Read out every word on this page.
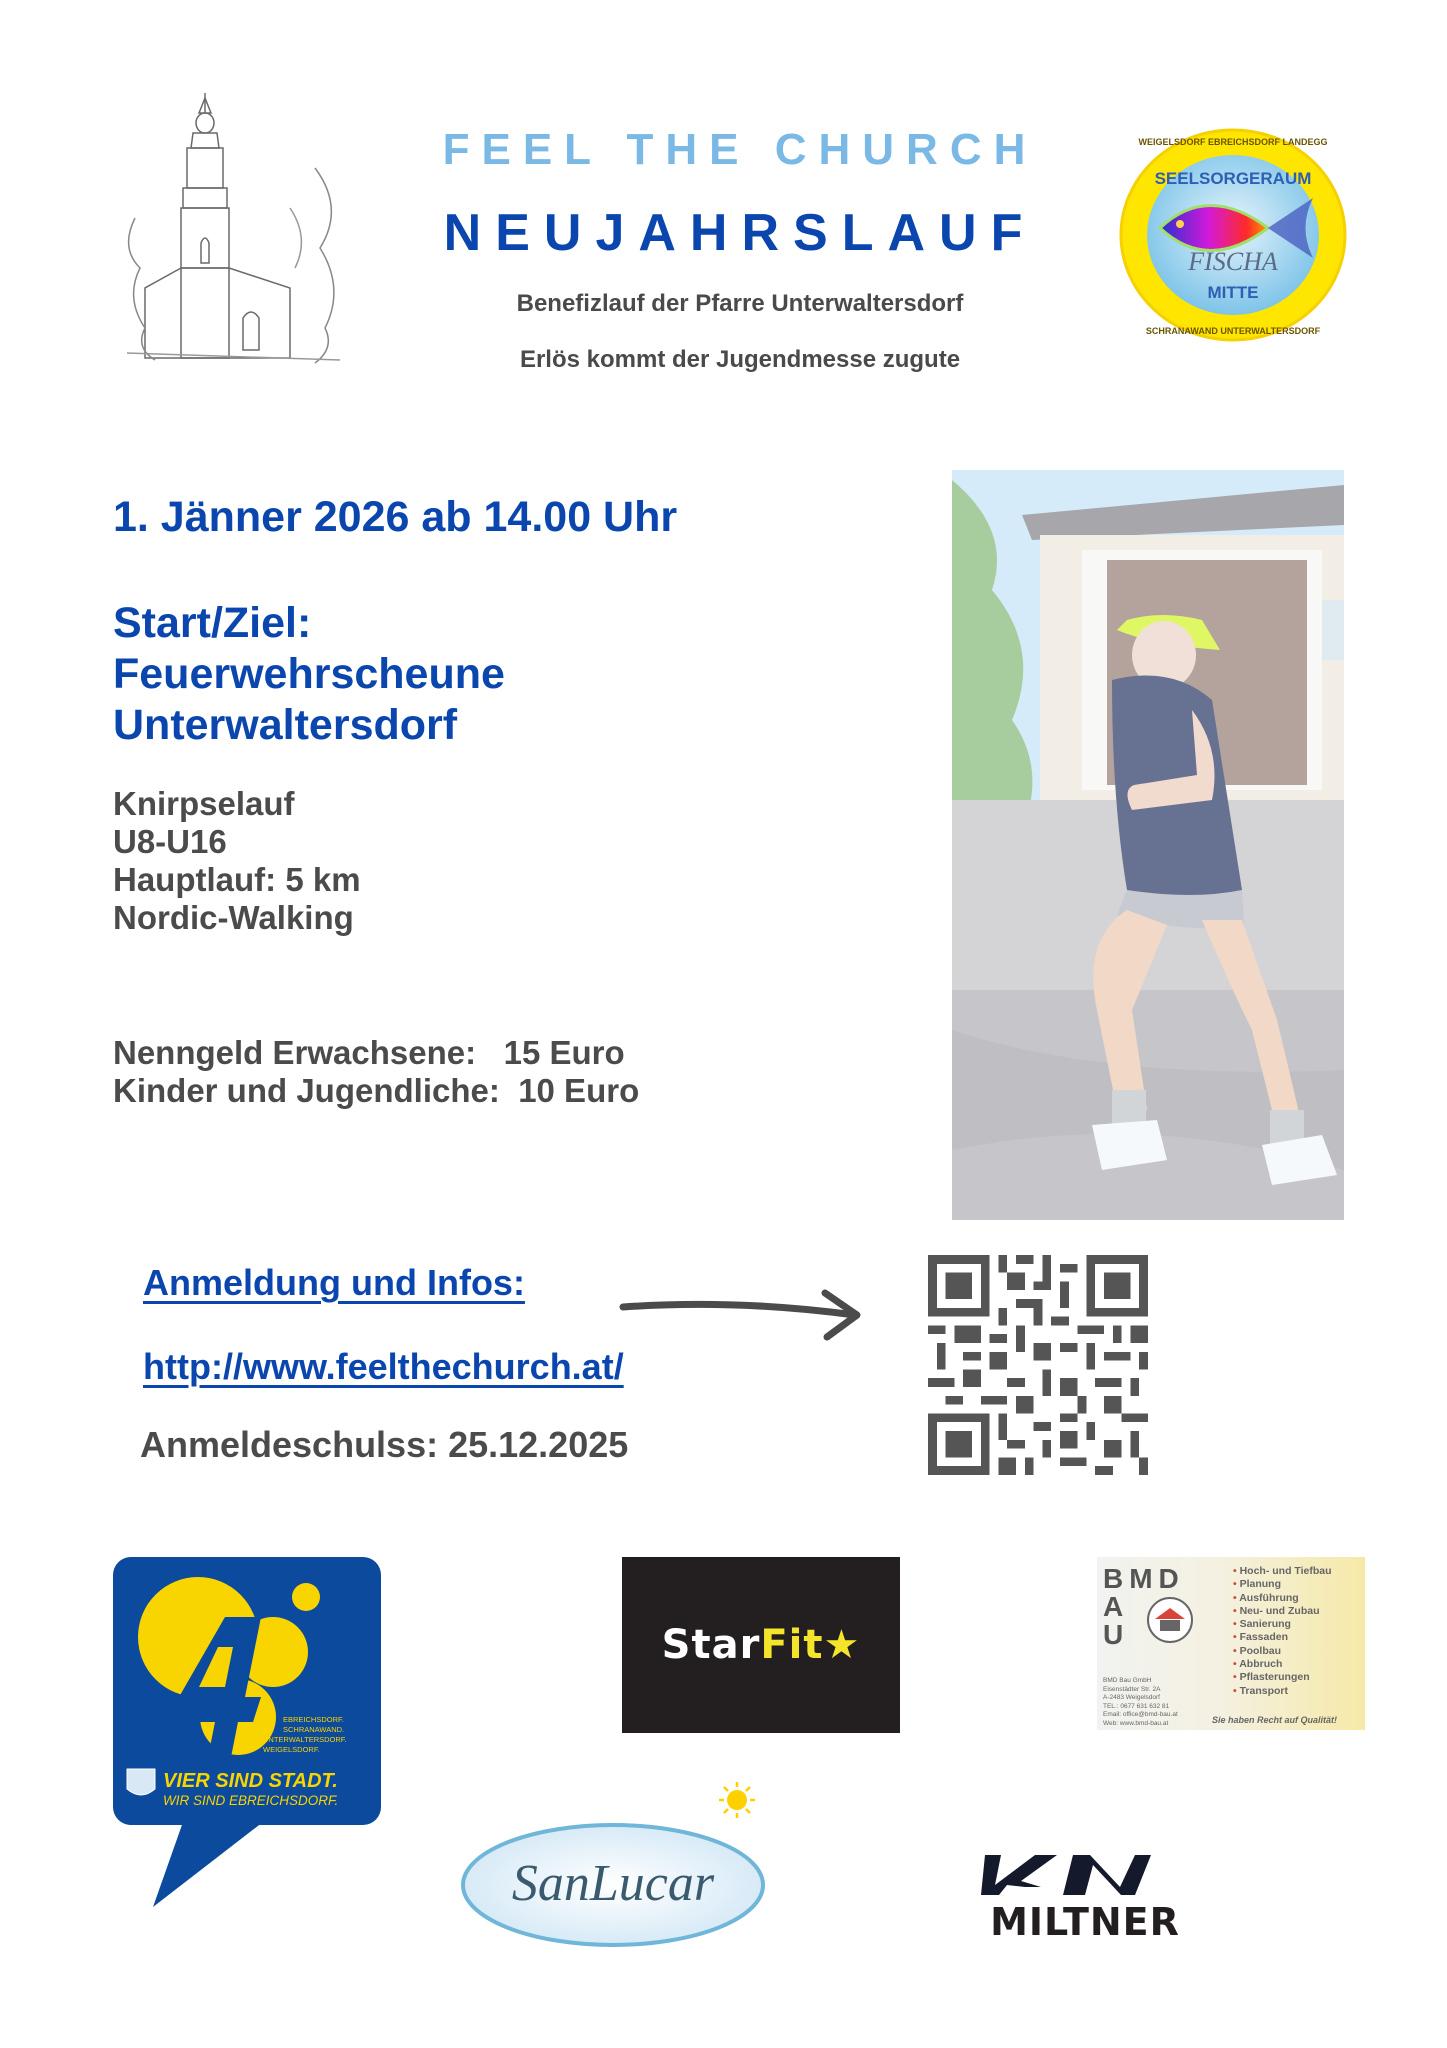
FEEL THE CHURCH
NEUJAHRSLAUF
Benefizlauf der Pfarre Unterwaltersdorf
Erlös kommt der Jugendmesse zugute
SEELSORGERAUM
FISCHA
MITTE
WEIGELSDORF EBREICHSDORF LANDEGG
SCHRANAWAND UNTERWALTERSDORF
1. Jänner 2026 ab 14.00 Uhr
Start/Ziel:
Feuerwehrscheune
Unterwaltersdorf
Knirpselauf
U8-U16
Hauptlauf: 5 km
Nordic-Walking
Nenngeld Erwachsene: 15 Euro
Kinder und Jugendliche: 10 Euro
Anmeldung und Infos:
http://www.feelthechurch.at/
Anmeldeschulss: 25.12.2025
EBREICHSDORF.
SCHRANAWAND.
UNTERWALTERSDORF.
WEIGELSDORF.
VIER SIND STADT.
WIR SIND EBREICHSDORF.
StarFit★
BMD
A
U
BMD Bau GmbH
Eisenstädter Str. 2A
A-2483 Weigelsdorf
TEL.: 0677 631 632 81
Email: office@bmd-bau.at
Web: www.bmd-bau.at
• Hoch- und Tiefbau
• Planung
• Ausführung
• Neu- und Zubau
• Sanierung
• Fassaden
• Poolbau
• Abbruch
• Pflasterungen
• Transport
Sie haben Recht auf Qualität!
SanLucar
MILTNER
